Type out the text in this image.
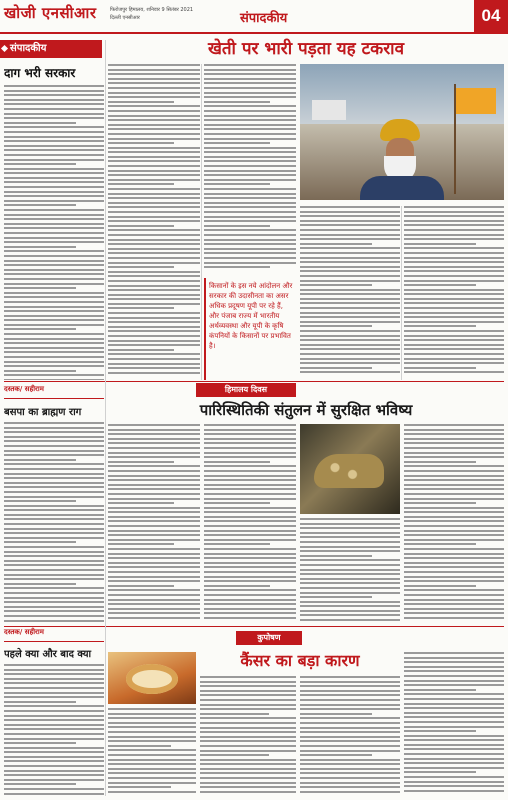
खोजी एनसीआर	फिरोजपुर हिमालय, शनिवार 9 सितंबर 2021
दिल्ली एनसीआर	संपादकीय	04
संपादकीय
दाग भरी सरकार
खेती पर भारी पड़ता यह टकराव
किसानों के इस नये आंदोलन और सरकार की उदासीनता का असर अधिक प्रदूषण यूपी पर रहे हैं, और पंजाब राज्य में भारतीय अर्थव्यवस्था और यूपी के कृषि कंपनियों के किसानों पर प्रभावित है।
दस्तक/ सहीराम
बसपा का ब्राह्मण राग
हिमालय दिवस
पारिस्थितिकी संतुलन में सुरक्षित भविष्य
दस्तक/ सहीराम
पहले क्या और बाद क्या
कुपोषण
कैंसर का बड़ा कारण
